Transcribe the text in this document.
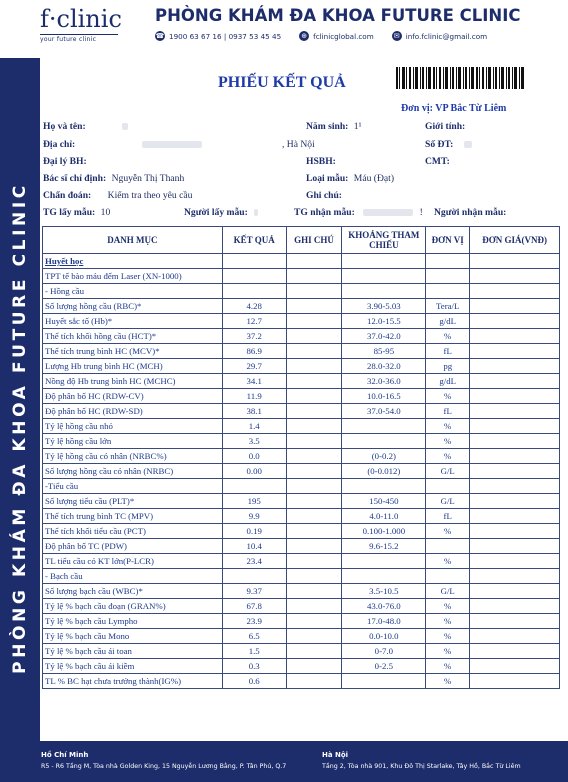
PHÒNG KHÁM ĐA KHOA FUTURE CLINIC
f·clinic
your future clinic
PHÒNG KHÁM ĐA KHOA FUTURE CLINIC
☎ 1900 63 67 16 | 0937 53 45 45	⊕ fclinicglobal.com	✉ info.fclinic@gmail.com
PHIẾU KẾT QUẢ
Đơn vị: VP Bắc Từ Liêm
Họ và tên:	Năm sinh: 1¹	Giới tính:
Địa chỉ:	, Hà Nội	Số ĐT:
Đại lý BH:	HSBH:	CMT:
Bác sĩ chỉ định: Nguyễn Thị Thanh	Loại mẫu: Máu (Đạt)
Chẩn đoán: Kiểm tra theo yêu cầu	Ghi chú:
TG lấy mẫu: 10	Người lấy mẫu:	TG nhận mẫu:	! Người nhận mẫu:
DANH MỤC	KẾT QUẢ	GHI CHÚ	KHOẢNG THAM CHIẾU	ĐƠN VỊ	ĐƠN GIÁ(VNĐ)
Huyết học					
TPT tế bào máu đếm Laser (XN-1000)					
- Hồng cầu					
Số lượng hồng cầu (RBC)*	4.28		3.90-5.03	Tera/L	
Huyết sắc tố (Hb)*	12.7		12.0-15.5	g/dL	
Thể tích khối hồng cầu (HCT)*	37.2		37.0-42.0	%	
Thể tích trung bình HC (MCV)*	86.9		85-95	fL	
Lượng Hb trung bình HC (MCH)	29.7		28.0-32.0	pg	
Nồng độ Hb trung bình HC (MCHC)	34.1		32.0-36.0	g/dL	
Độ phân bố HC (RDW-CV)	11.9		10.0-16.5	%	
Độ phân bố HC (RDW-SD)	38.1		37.0-54.0	fL	
Tỷ lệ hồng cầu nhỏ	1.4			%	
Tỷ lệ hồng cầu lớn	3.5			%	
Tỷ lệ hồng cầu có nhân (NRBC%)	0.0		(0-0.2)	%	
Số lượng hồng cầu có nhân (NRBC)	0.00		(0-0.012)	G/L	
-Tiểu cầu					
Số lượng tiểu cầu (PLT)*	195		150-450	G/L	
Thể tích trung bình TC (MPV)	9.9		4.0-11.0	fL	
Thể tích khối tiểu cầu (PCT)	0.19		0.100-1.000	%	
Độ phân bố TC (PDW)	10.4		9.6-15.2		
TL tiểu cầu có KT lớn(P-LCR)	23.4			%	
- Bạch cầu					
Số lượng bạch cầu (WBC)*	9.37		3.5-10.5	G/L	
Tỷ lệ % bạch cầu đoạn (GRAN%)	67.8		43.0-76.0	%	
Tỷ lệ % bạch cầu Lympho	23.9		17.0-48.0	%	
Tỷ lệ % bạch cầu Mono	6.5		0.0-10.0	%	
Tỷ lệ % bạch cầu ái toan	1.5		0-7.0	%	
Tỷ lệ % bạch cầu ái kiềm	0.3		0-2.5	%	
TL % BC hạt chưa trưởng thành(IG%)	0.6			%	
Hồ Chí Minh
R5 - R6 Tầng M, Tòa nhà Golden King, 15 Nguyễn Lương Bằng, P. Tân Phú, Q.7
Hà Nội
Tầng 2, Tòa nhà 901, Khu Đô Thị Starlake, Tây Hồ, Bắc Từ Liêm
